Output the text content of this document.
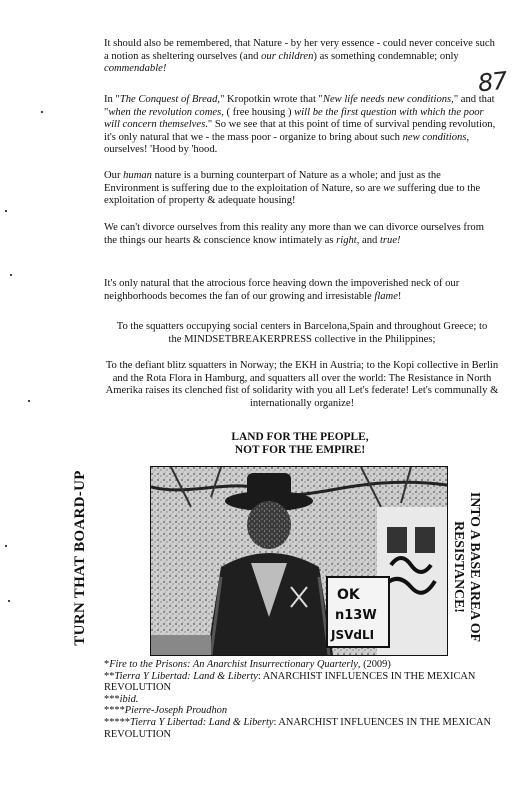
87

It should also be remembered, that Nature - by her very essence - could never conceive such a notion as sheltering ourselves (and our children) as something condemnable; only commendable!

In "The Conquest of Bread," Kropotkin wrote that "New life needs new conditions," and that "when the revolution comes, ( free housing ) will be the first question with which the poor will concern themselves." So we see that at this point of time of survival pending revolution, it's only natural that we - the mass poor - organize to bring about such new conditions, ourselves! 'Hood by 'hood.

Our human nature is a burning counterpart of Nature as a whole; and just as the Environment is suffering due to the exploitation of Nature, so are we suffering due to the exploitation of property & adequate housing!

We can't divorce ourselves from this reality any more than we can divorce ourselves from the things our hearts & conscience know intimately as right, and true!

It's only natural that the atrocious force heaving down the impoverished neck of our neighborhoods becomes the fan of our growing and irresistable flame!

To the squatters occupying social centers in Barcelona,Spain and throughout Greece; to the MINDSETBREAKERPRESS collective in the Philippines;

To the defiant blitz squatters in Norway; the EKH in Austria; to the Kopi collective in Berlin and the Rota Flora in Hamburg, and squatters all over the world: The Resistance in North Amerika raises its clenched fist of solidarity with you all Let's federate! Let's communally & internationally organize!

LAND FOR THE PEOPLE,
NOT FOR THE EMPIRE!
TURN THAT BOARD-UP	INTO A BASE AREA OF
RESISTANCE!
OK
n13W
JSVdLI

*Fire to the Prisons: An Anarchist Insurrectionary Quarterly, (2009)

**Tierra Y Libertad: Land & Liberty: ANARCHIST INFLUENCES IN THE MEXICAN REVOLUTION

***ibid.

****Pierre-Joseph Proudhon

*****Tierra Y Libertad: Land & Liberty: ANARCHIST INFLUENCES IN THE MEXICAN REVOLUTION
